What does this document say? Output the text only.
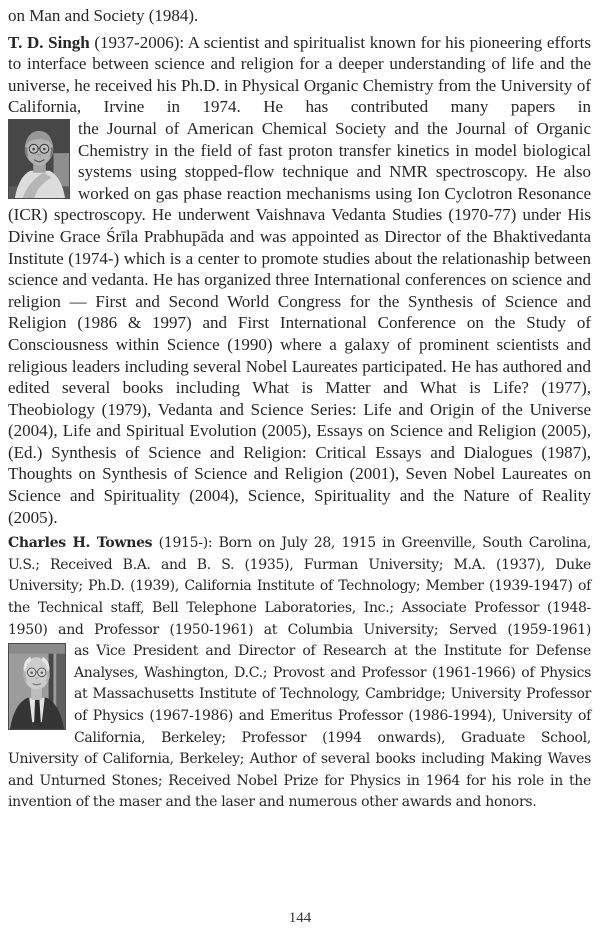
on Man and Society (1984).

T. D. Singh (1937-2006): A scientist and spiritualist known for his pioneering efforts to interface between science and religion for a deeper understanding of life and the universe, he received his Ph.D. in Physical Organic Chemistry from the University of California, Irvine in 1974. He has contributed many papers in

the Journal of American Chemical Society and the Journal of Organic Chemistry in the field of fast proton transfer kinetics in model biological systems using stopped-flow technique and NMR spectroscopy. He also worked on gas phase reaction mechanisms using Ion Cyclotron Resonance (ICR) spectroscopy. He underwent Vaishnava Vedanta Studies (1970-77) under His Divine Grace Śrīla Prabhupāda and was appointed as Director of the Bhaktivedanta Institute (1974-) which is a center to promote studies about the relationaship between science and vedanta. He has organized three International conferences on science and religion — First and Second World Congress for the Synthesis of Science and Religion (1986 & 1997) and First International Conference on the Study of Consciousness within Science (1990) where a galaxy of prominent scientists and religious leaders including several Nobel Laureates participated. He has authored and edited several books including What is Matter and What is Life? (1977), Theobiology (1979), Vedanta and Science Series: Life and Origin of the Universe (2004), Life and Spiritual Evolution (2005), Essays on Science and Religion (2005), (Ed.) Synthesis of Science and Religion: Critical Essays and Dialogues (1987), Thoughts on Synthesis of Science and Religion (2001), Seven Nobel Laureates on Science and Spirituality (2004), Science, Spirituality and the Nature of Reality (2005).

Charles H. Townes (1915-): Born on July 28, 1915 in Greenville, South Carolina, U.S.; Received B.A. and B. S. (1935), Furman University; M.A. (1937), Duke University; Ph.D. (1939), California Institute of Technology; Member (1939-1947) of the Technical staff, Bell Telephone Laboratories, Inc.; Associate Professor (1948-1950) and Professor (1950-1961) at Columbia University; Served (1959-1961)

as Vice President and Director of Research at the Institute for Defense Analyses, Washington, D.C.; Provost and Professor (1961-1966) of Physics at Massachusetts Institute of Technology, Cambridge; University Professor of Physics (1967-1986) and Emeritus Professor (1986-1994), University of California, Berkeley; Professor (1994 onwards), Graduate School, University of California, Berkeley; Author of several books including Making Waves and Unturned Stones; Received Nobel Prize for Physics in 1964 for his role in the invention of the maser and the laser and numerous other awards and honors.

144
